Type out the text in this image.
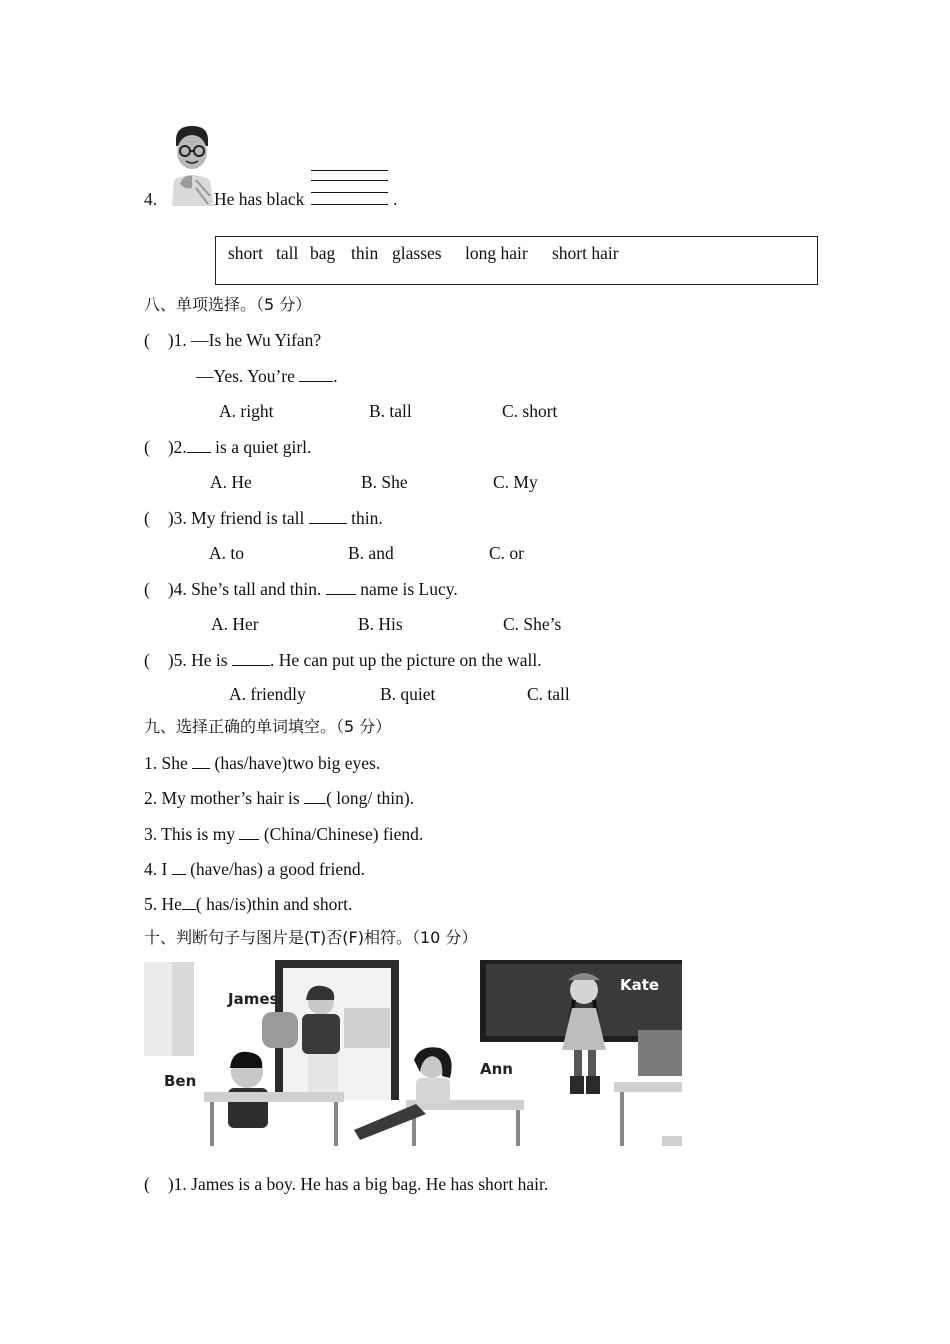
4.	He has black	.
short tall bag thin glasses long hair short hair
八、单项选择。（5 分）
( )1. —Is he Wu Yifan?
—Yes. You’re .
A. right	B. tall	C. short
( )2. is a quiet girl.
A. He	B. She	C. My
( )3. My friend is tall  thin.
A. to	B. and	C. or
( )4. She’s tall and thin.  name is Lucy.
A. Her	B. His	C. She’s
( )5. He is . He can put up the picture on the wall.
A. friendly	B. quiet	C. tall
九、选择正确的单词填空。（5 分）
1. She  (has/have)two big eyes.
2. My mother’s hair is ( long/ thin).
3. This is my  (China/Chinese) fiend.
4. I  (have/has) a good friend.
5. He ( has/is)thin and short.
十、判断句子与图片是(T)否(F)相符。（10 分）
James
Ben
Ann
Kate
( )1. James is a boy. He has a big bag. He has short hair.
